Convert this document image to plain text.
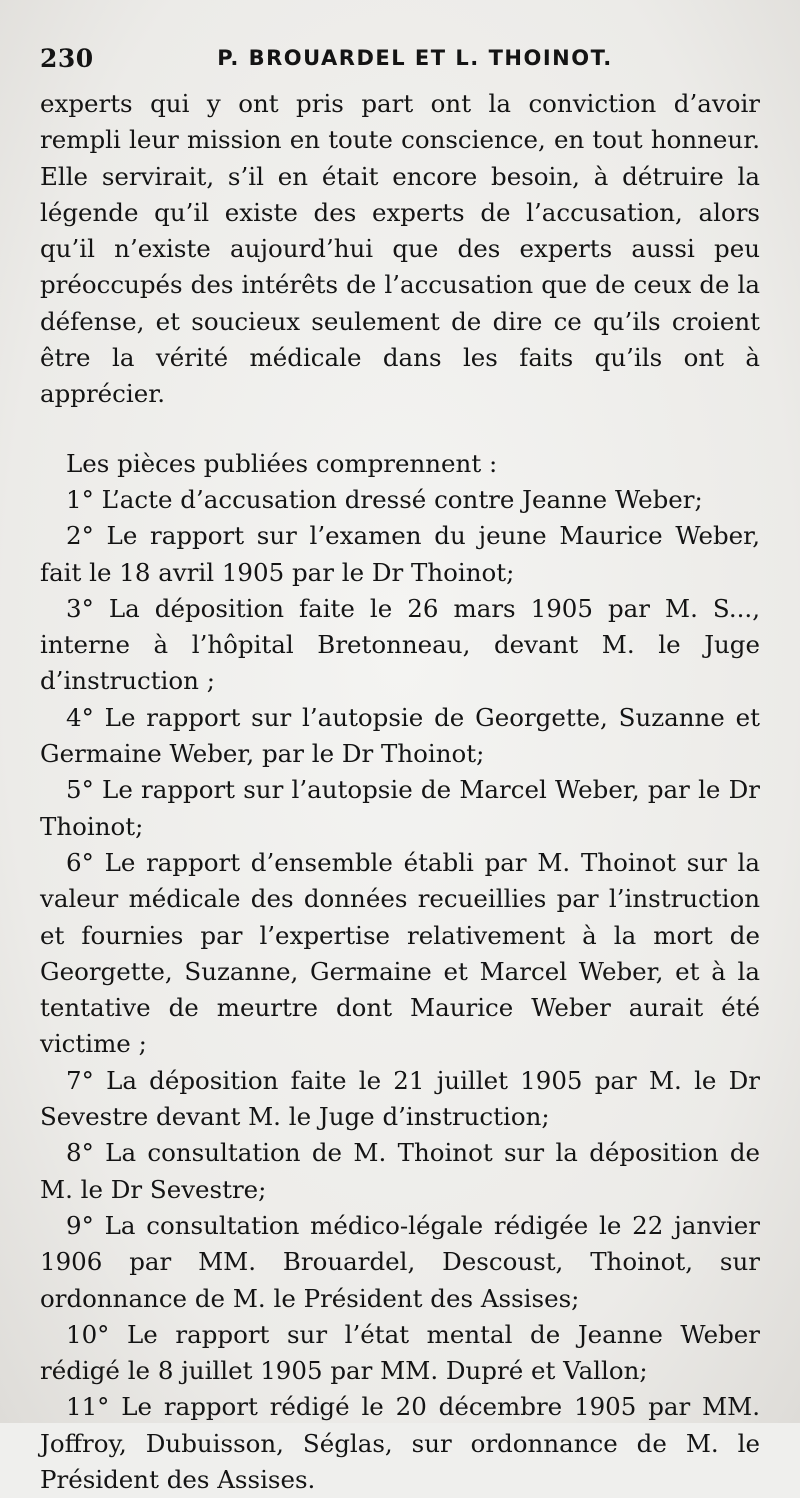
230	P. BROUARDEL ET L. THOINOT.

experts qui y ont pris part ont la conviction d’avoir rempli leur mission en toute conscience, en tout honneur. Elle servirait, s’il en était encore besoin, à détruire la légende qu’il existe des experts de l’accusation, alors qu’il n’existe aujourd’hui que des experts aussi peu préoccupés des intérêts de l’accusation que de ceux de la défense, et soucieux seulement de dire ce qu’ils croient être la vérité médicale dans les faits qu’ils ont à apprécier.

Les pièces publiées comprennent :

1° L’acte d’accusation dressé contre Jeanne Weber;

2° Le rapport sur l’examen du jeune Maurice Weber, fait le 18 avril 1905 par le Dr Thoinot;

3° La déposition faite le 26 mars 1905 par M. S..., interne à l’hôpital Bretonneau, devant M. le Juge d’instruction ;

4° Le rapport sur l’autopsie de Georgette, Suzanne et Germaine Weber, par le Dr Thoinot;

5° Le rapport sur l’autopsie de Marcel Weber, par le Dr Thoinot;

6° Le rapport d’ensemble établi par M. Thoinot sur la valeur médicale des données recueillies par l’instruction et fournies par l’expertise relativement à la mort de Georgette, Suzanne, Germaine et Marcel Weber, et à la tentative de meurtre dont Maurice Weber aurait été victime ;

7° La déposition faite le 21 juillet 1905 par M. le Dr Sevestre devant M. le Juge d’instruction;

8° La consultation de M. Thoinot sur la déposition de M. le Dr Sevestre;

9° La consultation médico-légale rédigée le 22 janvier 1906 par MM. Brouardel, Descoust, Thoinot, sur ordonnance de M. le Président des Assises;

10° Le rapport sur l’état mental de Jeanne Weber rédigé le 8 juillet 1905 par MM. Dupré et Vallon;

11° Le rapport rédigé le 20 décembre 1905 par MM. Joffroy, Dubuisson, Séglas, sur ordonnance de M. le Président des Assises.
